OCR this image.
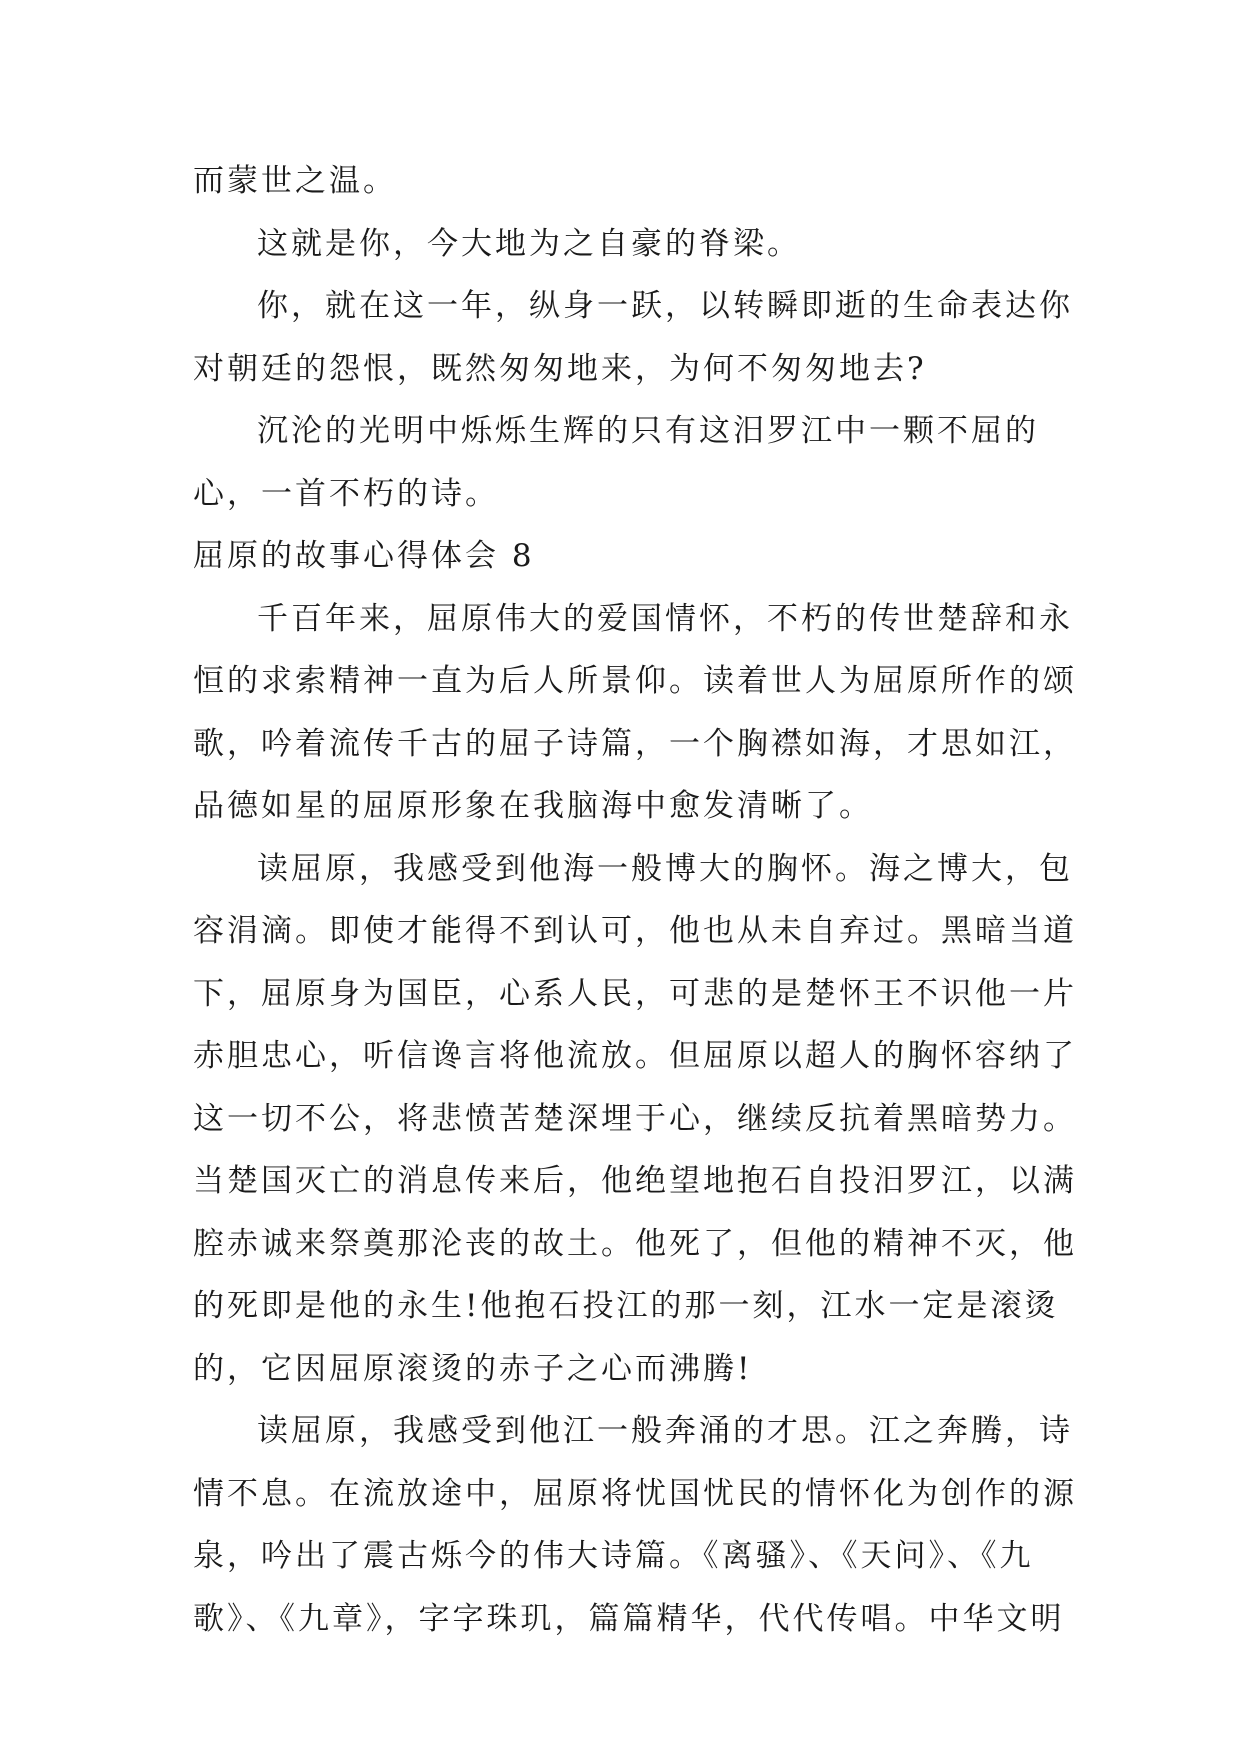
而蒙世之温。
这就是你，今大地为之自豪的脊梁。
你，就在这一年，纵身一跃，以转瞬即逝的生命表达你
对朝廷的怨恨，既然匆匆地来，为何不匆匆地去?
沉沦的光明中烁烁生辉的只有这汨罗江中一颗不屈的
心，一首不朽的诗。
屈原的故事心得体会 8
千百年来，屈原伟大的爱国情怀，不朽的传世楚辞和永
恒的求索精神一直为后人所景仰。读着世人为屈原所作的颂
歌，吟着流传千古的屈子诗篇，一个胸襟如海，才思如江，
品德如星的屈原形象在我脑海中愈发清晰了。
读屈原，我感受到他海一般博大的胸怀。海之博大，包
容涓滴。即使才能得不到认可，他也从未自弃过。黑暗当道
下，屈原身为国臣，心系人民，可悲的是楚怀王不识他一片
赤胆忠心，听信谗言将他流放。但屈原以超人的胸怀容纳了
这一切不公，将悲愤苦楚深埋于心，继续反抗着黑暗势力。
当楚国灭亡的消息传来后，他绝望地抱石自投汨罗江，以满
腔赤诚来祭奠那沦丧的故土。他死了，但他的精神不灭，他
的死即是他的永生!他抱石投江的那一刻，江水一定是滚烫
的，它因屈原滚烫的赤子之心而沸腾!
读屈原，我感受到他江一般奔涌的才思。江之奔腾，诗
情不息。在流放途中，屈原将忧国忧民的情怀化为创作的源
泉，吟出了震古烁今的伟大诗篇。《离骚》、《天问》、《九
歌》、《九章》，字字珠玑，篇篇精华，代代传唱。中华文明
